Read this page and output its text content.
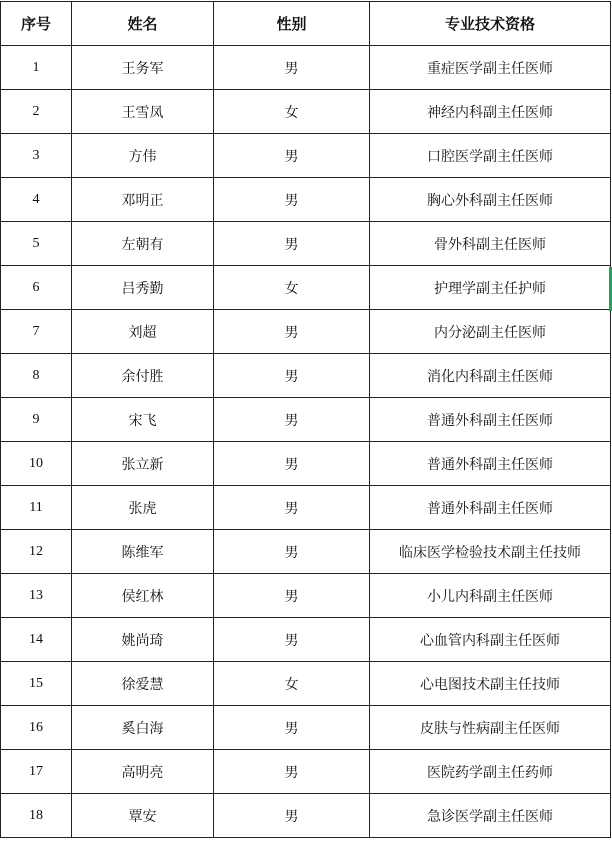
序号	姓名	性别	专业技术资格
1	王务军	男	重症医学副主任医师
2	王雪凤	女	神经内科副主任医师
3	方伟	男	口腔医学副主任医师
4	邓明正	男	胸心外科副主任医师
5	左朝有	男	骨外科副主任医师
6	吕秀勤	女	护理学副主任护师
7	刘超	男	内分泌副主任医师
8	余付胜	男	消化内科副主任医师
9	宋飞	男	普通外科副主任医师
10	张立新	男	普通外科副主任医师
11	张虎	男	普通外科副主任医师
12	陈维军	男	临床医学检验技术副主任技师
13	侯红林	男	小儿内科副主任医师
14	姚尚琦	男	心血管内科副主任医师
15	徐爱慧	女	心电图技术副主任技师
16	奚白海	男	皮肤与性病副主任医师
17	高明亮	男	医院药学副主任药师
18	覃安	男	急诊医学副主任医师
